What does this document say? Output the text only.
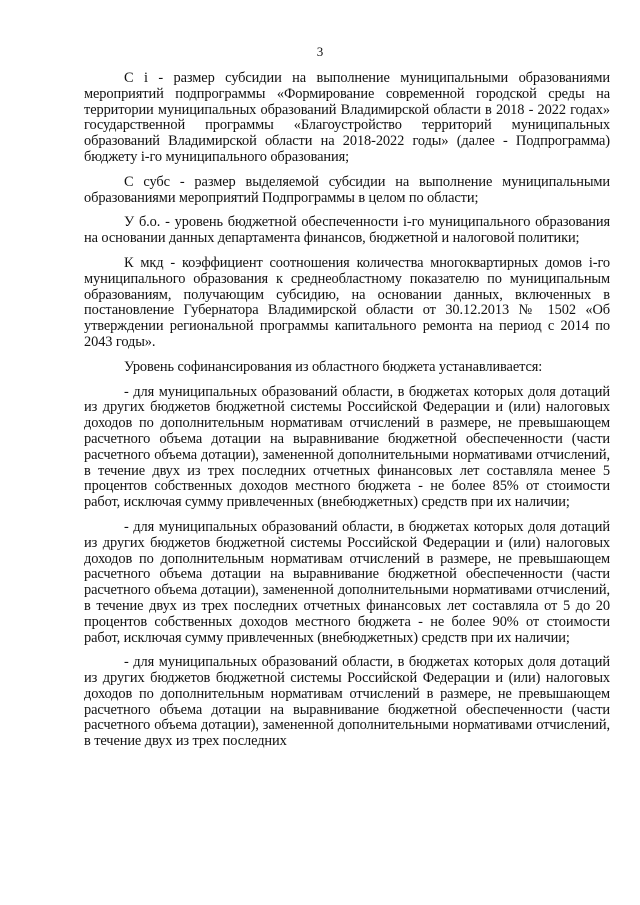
3

С і - размер субсидии на выполнение муниципальными образованиями мероприятий подпрограммы «Формирование современной городской среды на территории муниципальных образований Владимирской области в 2018 - 2022 годах» государственной программы «Благоустройство территорий муниципальных образований Владимирской области на 2018-2022 годы» (далее - Подпрограмма) бюджету і-го муниципального образования;

С субс - размер выделяемой субсидии на выполнение муниципальными образованиями мероприятий Подпрограммы в целом по области;

У б.о. - уровень бюджетной обеспеченности і-го муниципального образования на основании данных департамента финансов, бюджетной и налоговой политики;

К мкд - коэффициент соотношения количества многоквартирных домов і-го муниципального образования к среднеобластному показателю по муниципальным образованиям, получающим субсидию, на основании данных, включенных в постановление Губернатора Владимирской области от 30.12.2013 № 1502 «Об утверждении региональной программы капитального ремонта на период с 2014 по 2043 годы».

Уровень софинансирования из областного бюджета устанавливается:

- для муниципальных образований области, в бюджетах которых доля дотаций из других бюджетов бюджетной системы Российской Федерации и (или) налоговых доходов по дополнительным нормативам отчислений в размере, не превышающем расчетного объема дотации на выравнивание бюджетной обеспеченности (части расчетного объема дотации), замененной дополнительными нормативами отчислений, в течение двух из трех последних отчетных финансовых лет составляла менее 5 процентов собственных доходов местного бюджета - не более 85% от стоимости работ, исключая сумму привлеченных (внебюджетных) средств при их наличии;

- для муниципальных образований области, в бюджетах которых доля дотаций из других бюджетов бюджетной системы Российской Федерации и (или) налоговых доходов по дополнительным нормативам отчислений в размере, не превышающем расчетного объема дотации на выравнивание бюджетной обеспеченности (части расчетного объема дотации), замененной дополнительными нормативами отчислений, в течение двух из трех последних отчетных финансовых лет составляла от 5 до 20 процентов собственных доходов местного бюджета - не более 90% от стоимости работ, исключая сумму привлеченных (внебюджетных) средств при их наличии;

- для муниципальных образований области, в бюджетах которых доля дотаций из других бюджетов бюджетной системы Российской Федерации и (или) налоговых доходов по дополнительным нормативам отчислений в размере, не превышающем расчетного объема дотации на выравнивание бюджетной обеспеченности (части расчетного объема дотации), замененной дополнительными нормативами отчислений, в течение двух из трех последних
